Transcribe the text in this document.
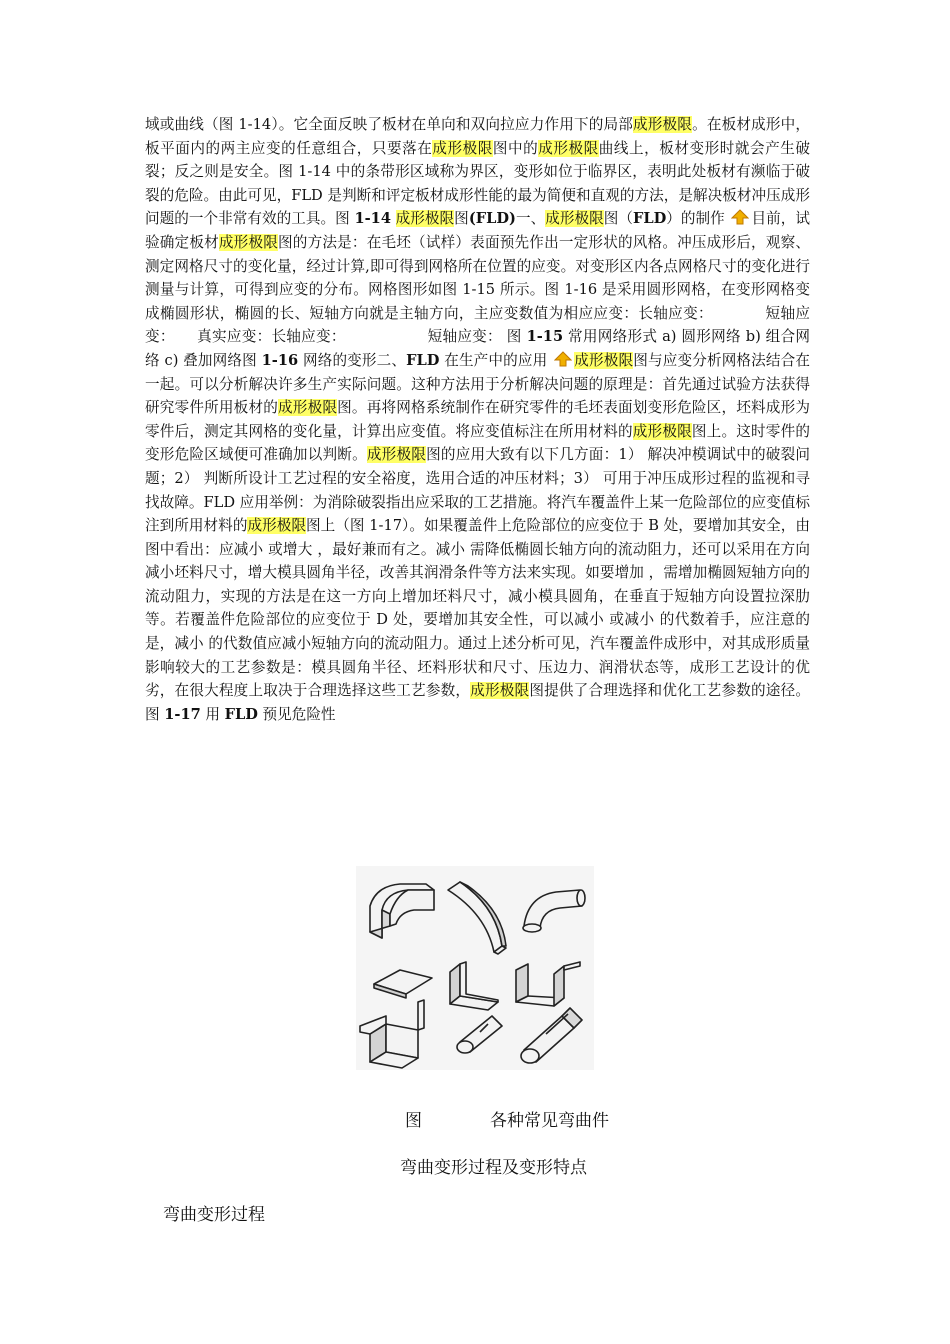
域或曲线（图 1-14）。它全面反映了板材在单向和双向拉应力作用下的局部成形极限。在板材成形中，板平面内的两主应变的任意组合，只要落在成形极限图中的成形极限曲线上，板材变形时就会产生破裂；反之则是安全。图 1-14 中的条带形区域称为界区，变形如位于临界区，表明此处板材有濒临于破裂的危险。由此可见，FLD 是判断和评定板材成形性能的最为简便和直观的方法，是解决板材冲压成形问题的一个非常有效的工具。图 1-14 成形极限图(FLD)一、成形极限图（FLD）的制作 目前，试验确定板材成形极限图的方法是：在毛坯（试样）表面预先作出一定形状的风格。冲压成形后，观察、测定网格尺寸的变化量，经过计算,即可得到网格所在位置的应变。对变形区内各点网格尺寸的变化进行测量与计算，可得到应变的分布。网格图形如图 1-15 所示。图 1-16 是采用圆形网格，在变形网格变成椭圆形状，椭圆的长、短轴方向就是主轴方向，主应变数值为相应应变：长轴应变：　　　　短轴应变：　　真实应变：长轴应变：　　　　　　短轴应变： 图 1-15 常用网络形式 a) 圆形网络 b) 组合网络 c) 叠加网络图 1-16 网络的变形二、FLD 在生产中的应用 成形极限图与应变分析网格法结合在一起。可以分析解决许多生产实际问题。这种方法用于分析解决问题的原理是：首先通过试验方法获得研究零件所用板材的成形极限图。再将网格系统制作在研究零件的毛坯表面划变形危险区，坯料成形为零件后，测定其网格的变化量，计算出应变值。将应变值标注在所用材料的成形极限图上。这时零件的变形危险区域便可准确加以判断。成形极限图的应用大致有以下几方面：1） 解决冲模调试中的破裂问题；2） 判断所设计工艺过程的安全裕度，选用合适的冲压材料；3） 可用于冲压成形过程的监视和寻找故障。FLD 应用举例：为消除破裂指出应采取的工艺措施。将汽车覆盖件上某一危险部位的应变值标注到所用材料的成形极限图上（图 1-17）。如果覆盖件上危险部位的应变位于 B 处，要增加其安全，由图中看出：应减小 或增大 ，最好兼而有之。减小 需降低椭圆长轴方向的流动阻力，还可以采用在方向减小坯料尺寸，增大模具圆角半径，改善其润滑条件等方法来实现。如要增加 ，需增加椭圆短轴方向的流动阻力，实现的方法是在这一方向上增加坯料尺寸，减小模具圆角，在垂直于短轴方向设置拉深肋等。若覆盖件危险部位的应变位于 D 处，要增加其安全性，可以减小 或减小 的代数着手，应注意的是，减小 的代数值应减小短轴方向的流动阻力。通过上述分析可见，汽车覆盖件成形中，对其成形质量影响较大的工艺参数是：模具圆角半径、坯料形状和尺寸、压边力、润滑状态等，成形工艺设计的优劣，在很大程度上取决于合理选择这些工艺参数，成形极限图提供了合理选择和优化工艺参数的途径。图 1-17 用 FLD 预见危险性
图	各种常见弯曲件
弯曲变形过程及变形特点
弯曲变形过程
